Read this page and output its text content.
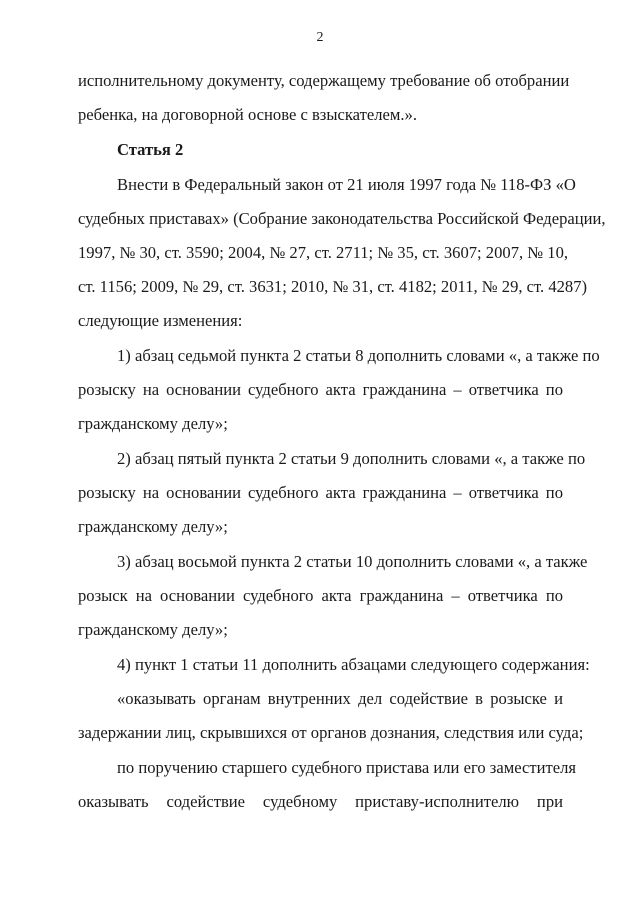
2
исполнительному документу, содержащему требование об отобрании
ребенка, на договорной основе с взыскателем.».
Статья 2
Внести в Федеральный закон от 21 июля 1997 года № 118-ФЗ «О
судебных приставах» (Собрание законодательства Российской Федерации,
1997, № 30, ст. 3590; 2004, № 27, ст. 2711; № 35, ст. 3607; 2007, № 10,
ст. 1156; 2009, № 29, ст. 3631; 2010, № 31, ст. 4182; 2011, № 29, ст. 4287)
следующие изменения:
1) абзац седьмой пункта 2 статьи 8 дополнить словами «, а также по
розыску на основании судебного акта гражданина – ответчика по
гражданскому делу»;
2) абзац пятый пункта 2 статьи 9 дополнить словами «, а также по
розыску на основании судебного акта гражданина – ответчика по
гражданскому делу»;
3) абзац восьмой пункта 2 статьи 10 дополнить словами «, а также
розыск на основании судебного акта гражданина – ответчика по
гражданскому делу»;
4) пункт 1 статьи 11 дополнить абзацами следующего содержания:
«оказывать органам внутренних дел содействие в розыске и
задержании лиц, скрывшихся от органов дознания, следствия или суда;
по поручению старшего судебного пристава или его заместителя
оказывать содействие судебному приставу-исполнителю при
